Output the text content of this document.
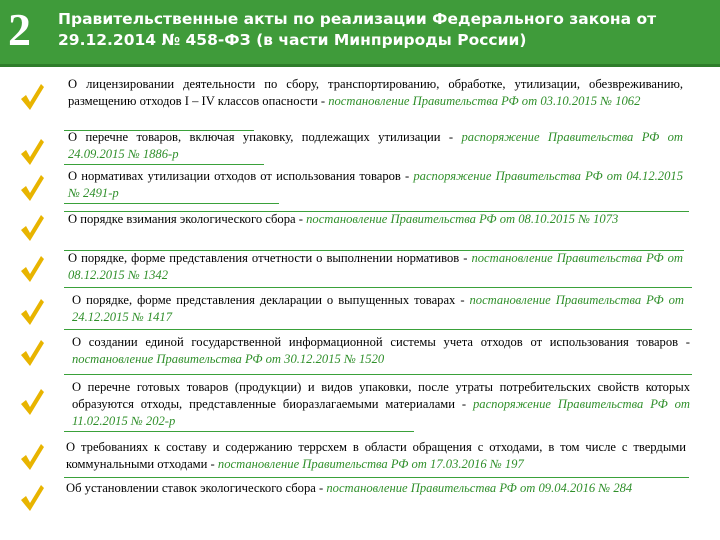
2 Правительственные акты по реализации Федерального закона от 29.12.2014 № 458-ФЗ (в части Минприроды России)
О лицензировании деятельности по сбору, транспортированию, обработке, утилизации, обезвреживанию, размещению отходов I – IV классов опасности - постановление Правительства РФ от 03.10.2015 № 1062
О перечне товаров, включая упаковку, подлежащих утилизации - распоряжение Правительства РФ от 24.09.2015 № 1886-р
О нормативах утилизации отходов от использования товаров - распоряжение Правительства РФ от 04.12.2015 № 2491-р
О порядке взимания экологического сбора - постановление Правительства РФ от 08.10.2015 № 1073
О порядке, форме представления отчетности о выполнении нормативов - постановление Правительства РФ от 08.12.2015 № 1342
О порядке, форме представления декларации о выпущенных товарах - постановление Правительства РФ от 24.12.2015 № 1417
О создании единой государственной информационной системы учета отходов от использования товаров - постановление Правительства РФ от 30.12.2015 № 1520
О перечне готовых товаров (продукции) и видов упаковки, после утраты потребительских свойств которых образуются отходы, представленные биоразлагаемыми материалами - распоряжение Правительства РФ от 11.02.2015 № 202-р
О требованиях к составу и содержанию террсхем в области обращения с отходами, в том числе с твердыми коммунальными отходами - постановление Правительства РФ от 17.03.2016 № 197
Об установлении ставок экологического сбора - постановление Правительства РФ от 09.04.2016 № 284
